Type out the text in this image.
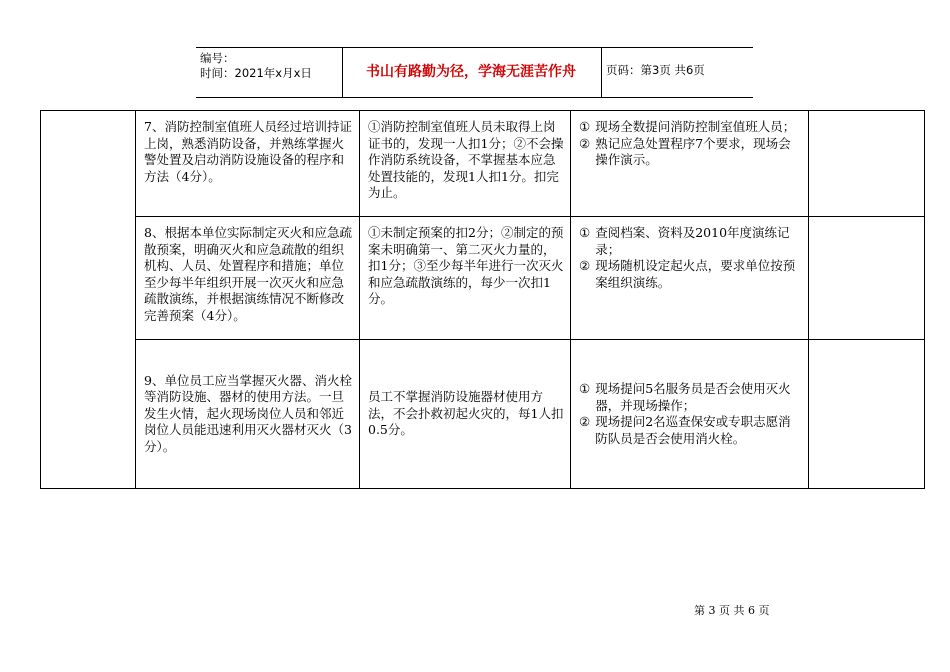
编号：
时间：2021年x月x日	书山有路勤为径，学海无涯苦作舟	页码：第3页 共6页

	7、消防控制室值班人员经过培训持证上岗，熟悉消防设备，并熟练掌握火警处置及启动消防设施设备的程序和方法（4分）。	①消防控制室值班人员未取得上岗证书的，发现一人扣1分；②不会操作消防系统设备，不掌握基本应急处置技能的，发现1人扣1分。扣完为止。	① 现场全数提问消防控制室值班人员；
② 熟记应急处置程序7个要求，现场会操作演示。	

	8、根据本单位实际制定灭火和应急疏散预案，明确灭火和应急疏散的组织机构、人员、处置程序和措施；单位至少每半年组织开展一次灭火和应急疏散演练，并根据演练情况不断修改完善预案（4分）。	①未制定预案的扣2分；②制定的预案未明确第一、第二灭火力量的，扣1分；③至少每半年进行一次灭火和应急疏散演练的，每少一次扣1分。	① 查阅档案、资料及2010年度演练记录；
② 现场随机设定起火点，要求单位按预案组织演练。	

	9、单位员工应当掌握灭火器、消火栓等消防设施、器材的使用方法。一旦发生火情，起火现场岗位人员和邻近岗位人员能迅速利用灭火器材灭火（3分）。	员工不掌握消防设施器材使用方法，不会扑救初起火灾的，每1人扣0.5分。	① 现场提问5名服务员是否会使用灭火器，并现场操作；
② 现场提问2名巡查保安或专职志愿消防队员是否会使用消火栓。	

第 3 页 共 6 页
